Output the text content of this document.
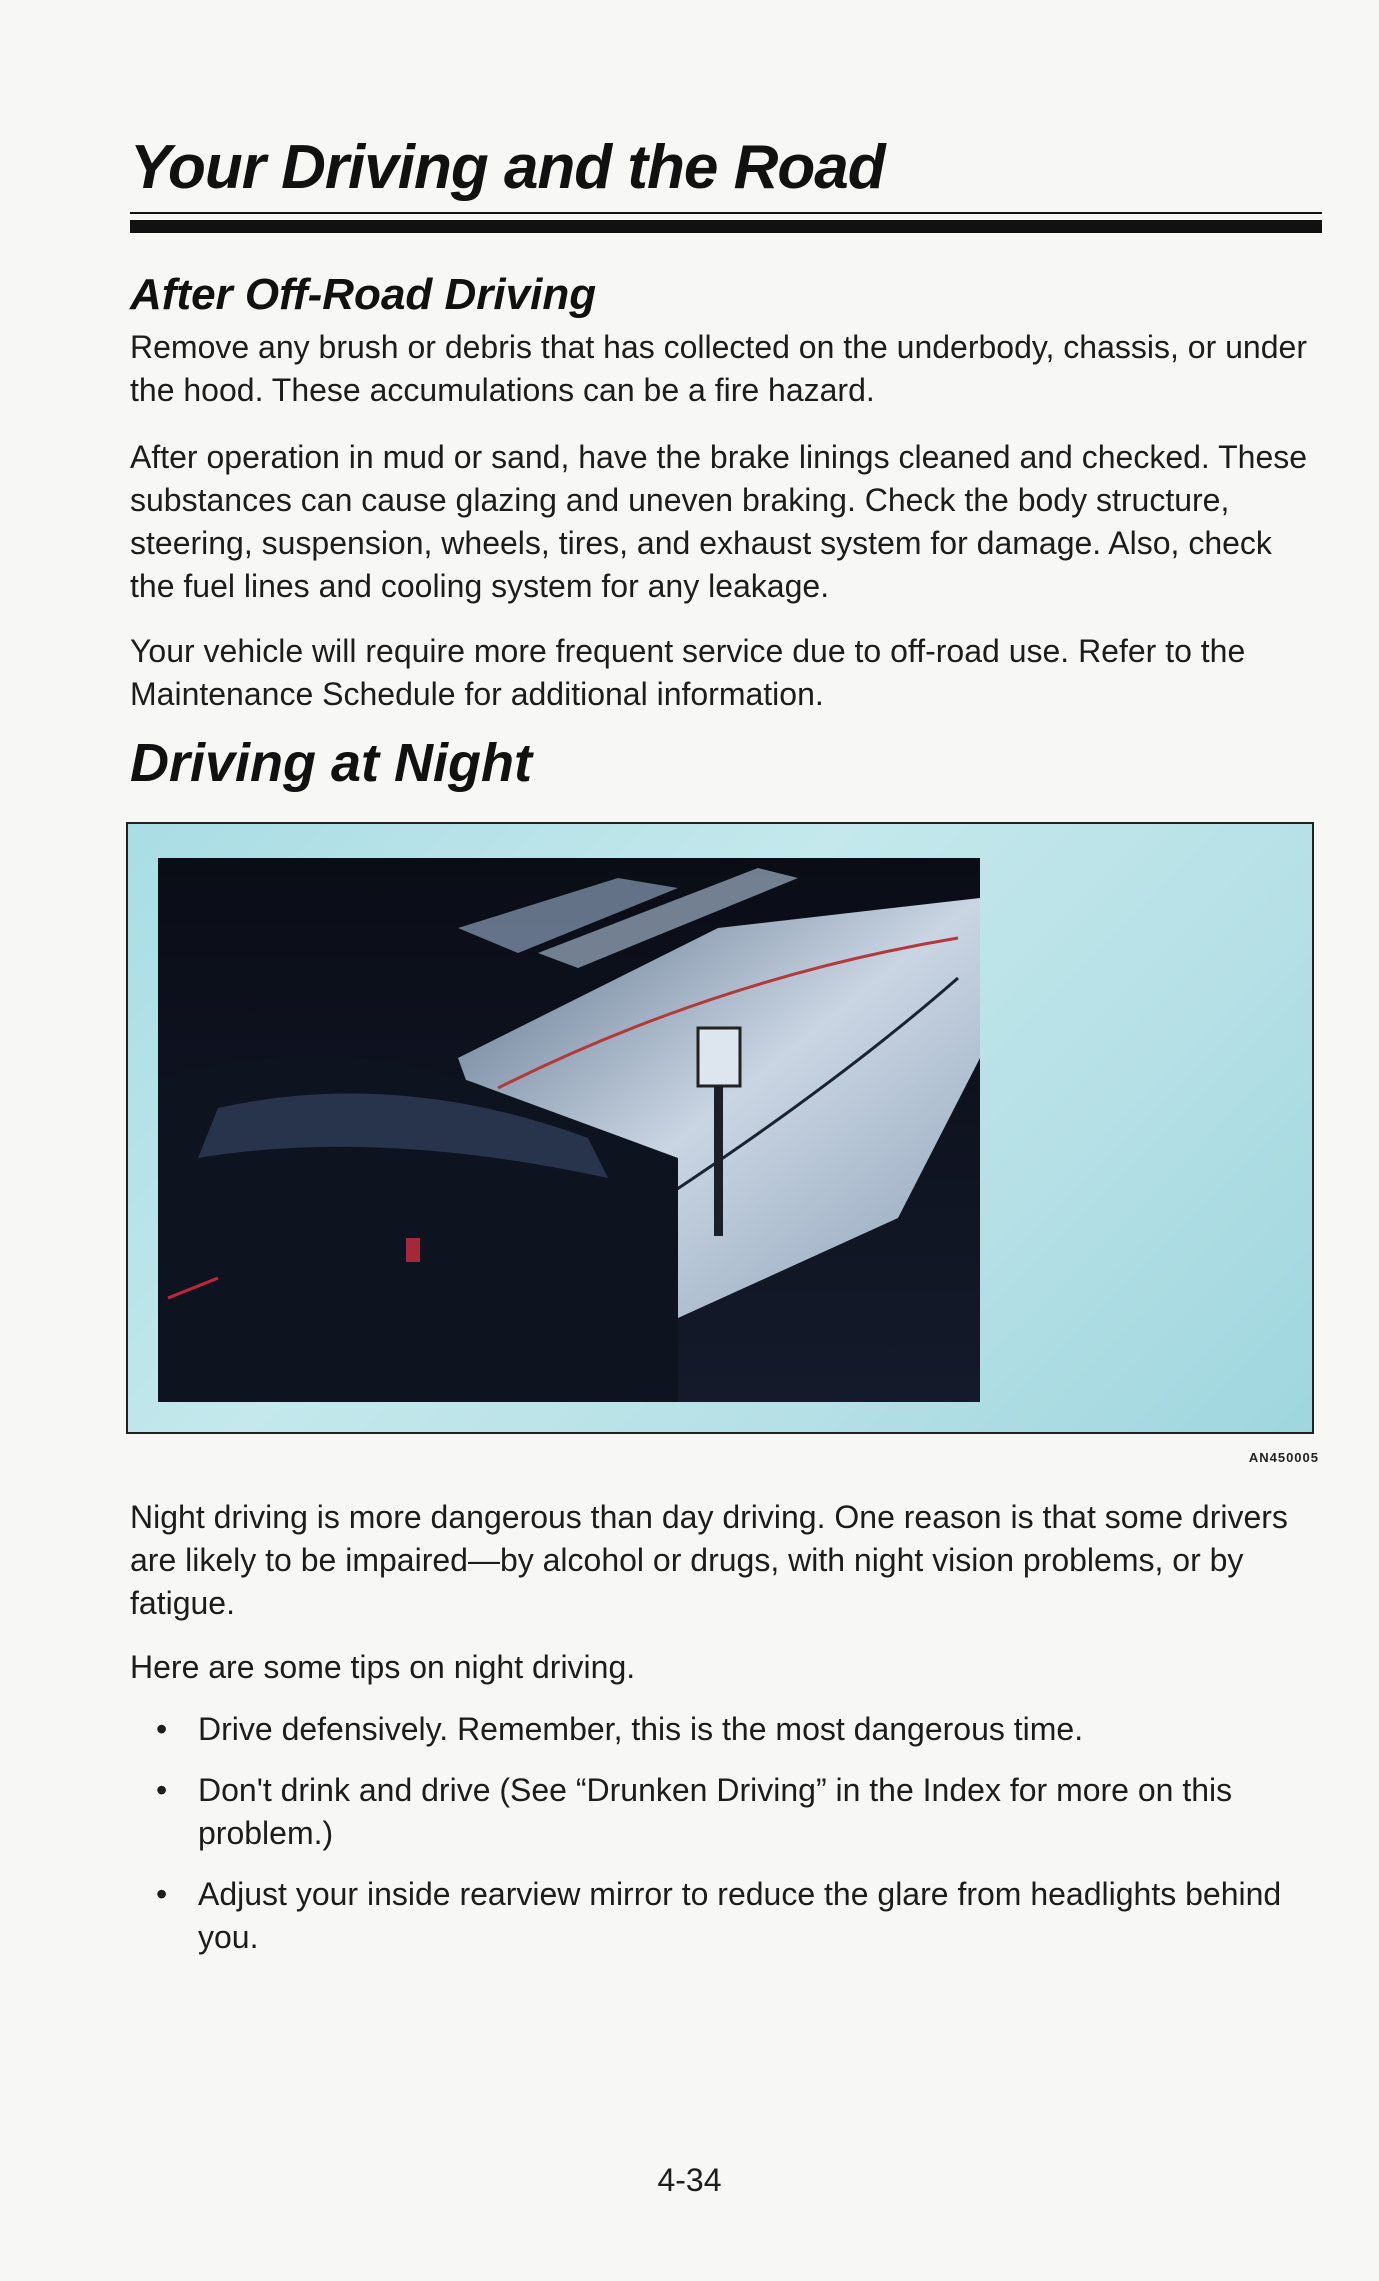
Your Driving and the Road
After Off-Road Driving

Remove any brush or debris that has collected on the underbody, chassis, or under the hood. These accumulations can be a fire hazard.

After operation in mud or sand, have the brake linings cleaned and checked. These substances can cause glazing and uneven braking. Check the body structure, steering, suspension, wheels, tires, and exhaust system for damage. Also, check the fuel lines and cooling system for any leakage.

Your vehicle will require more frequent service due to off-road use. Refer to the Maintenance Schedule for additional information.

Driving at Night
AN450005

Night driving is more dangerous than day driving. One reason is that some drivers are likely to be impaired—by alcohol or drugs, with night vision problems, or by fatigue.

Here are some tips on night driving.

• Drive defensively. Remember, this is the most dangerous time.
• Don't drink and drive (See “Drunken Driving” in the Index for more on this problem.)
• Adjust your inside rearview mirror to reduce the glare from headlights behind you.
4-34
